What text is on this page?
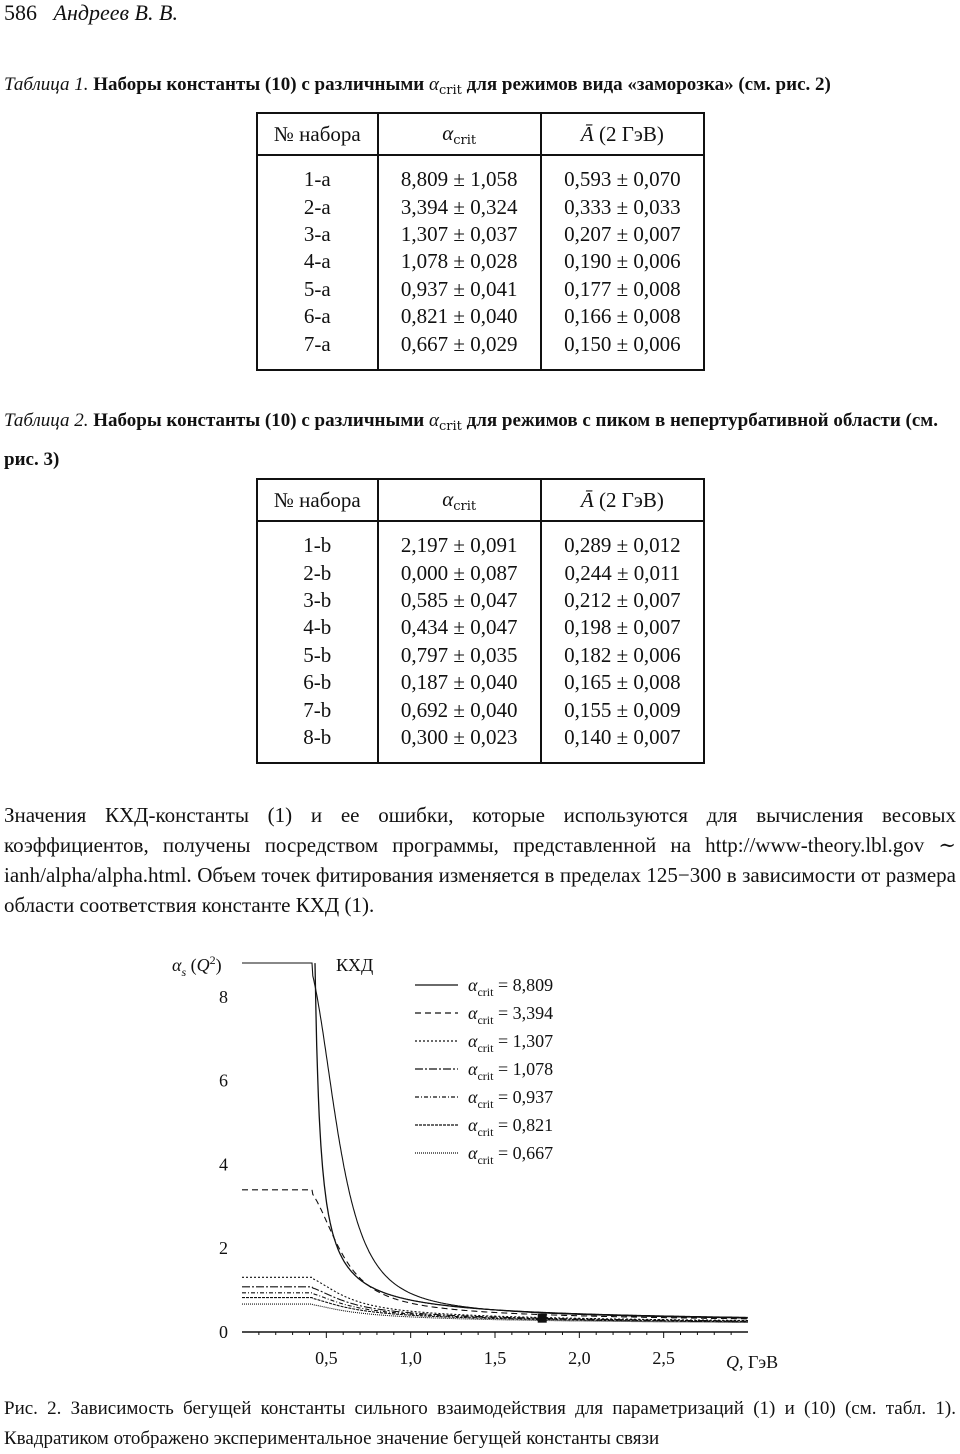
586 Андреев В. В.
Таблица 1. Наборы константы (10) с различными $\alpha_{crit}$ для режимов вида «заморозка» (см. рис. 2)
№ набора	$\alpha_{crit}$	Ā (2 ГэВ)
1-a	8,809 ± 1,058	0,593 ± 0,070
2-a	3,394 ± 0,324	0,333 ± 0,033
3-a	1,307 ± 0,037	0,207 ± 0,007
4-a	1,078 ± 0,028	0,190 ± 0,006
5-a	0,937 ± 0,041	0,177 ± 0,008
6-a	0,821 ± 0,040	0,166 ± 0,008
7-a	0,667 ± 0,029	0,150 ± 0,006
Таблица 2. Наборы константы (10) с различными $\alpha_{crit}$ для режимов с пиком в непертурбативной области (см. рис. 3)
№ набора	$\alpha_{crit}$	Ā (2 ГэВ)
1-b	2,197 ± 0,091	0,289 ± 0,012
2-b	0,000 ± 0,087	0,244 ± 0,011
3-b	0,585 ± 0,047	0,212 ± 0,007
4-b	0,434 ± 0,047	0,198 ± 0,007
5-b	0,797 ± 0,035	0,182 ± 0,006
6-b	0,187 ± 0,040	0,165 ± 0,008
7-b	0,692 ± 0,040	0,155 ± 0,009
8-b	0,300 ± 0,023	0,140 ± 0,007
Значения КХД-константы (1) и ее ошибки, которые используются для вычисления весовых коэффициентов, получены посредством программы, представленной на http://www-theory.lbl.gov ∼ ianh/alpha/alpha.html. Объем точек фитирования изменяется в пределах 125−300 в зависимости от размера области соответствия константе КХД (1).
0,5	1,0	1,5	2,0	2,5
0
2
4
6
8
Q, ГэВ
$\alpha_s$ $(Q^2)$	КХД
$\alpha_{crit} = 8,809$
$\alpha_{crit} = 3,394$
$\alpha_{crit} = 1,307$
$\alpha_{crit} = 1,078$
$\alpha_{crit} = 0,937$
$\alpha_{crit} = 0,821$
$\alpha_{crit} = 0,667$
Рис. 2. Зависимость бегущей константы сильного взаимодействия для параметризаций (1) и (10) (см. табл. 1). Квадратиком отображено экспериментальное значение бегущей константы связи
